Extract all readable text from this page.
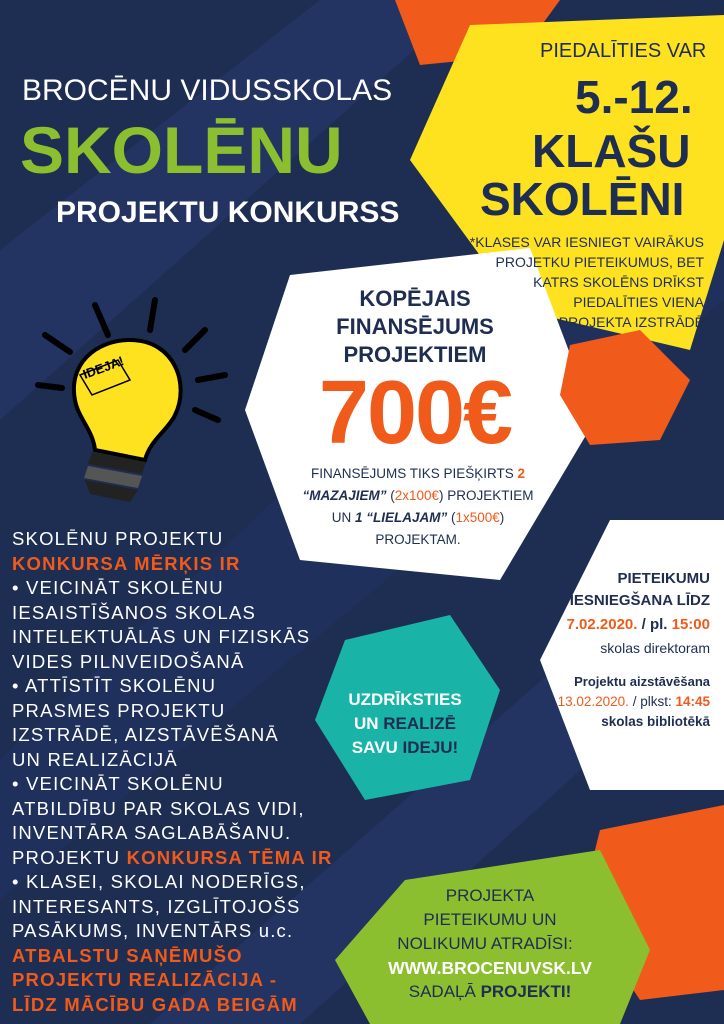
BROCĒNU VIDUSSKOLAS

SKOLĒNU

PROJEKTU KONKURSS

PIEDALĪTIES VAR

5.-12.

KLAŠU

SKOLĒNI

*KLASES VAR IESNIEGT VAIRĀKUS

PROJETKU PIETEIKUMUS, BET

KATRS SKOLĒNS DRĪKST

PIEDALĪTIES VIENA

PROJEKTA IZSTRĀDĒ

IDEJA!

KOPĒJAIS

FINANSĒJUMS

PROJEKTIEM

700€

FINANSĒJUMS TIKS PIEŠĶIRTS 2

“MAZAJIEM” (2x100€) PROJEKTIEM

UN 1 “LIELAJAM” (1x500€)

PROJEKTAM.

SKOLĒNU PROJEKTU
KONKURSA MĒRĶIS IR
• VEICINĀT SKOLĒNU
IESAISTĪŠANOS SKOLAS
INTELEKTUĀLĀS UN FIZISKĀS
VIDES PILNVEIDOŠANĀ
• ATTĪSTĪT SKOLĒNU
PRASMES PROJEKTU
IZSTRĀDĒ, AIZSTĀVĒŠANĀ
UN REALIZĀCIJĀ
• VEICINĀT SKOLĒNU
ATBILDĪBU PAR SKOLAS VIDI,
INVENTĀRA SAGLABĀŠANU.
PROJEKTU KONKURSA TĒMA IR
• KLASEI, SKOLAI NODERĪGS,
INTERESANTS, IZGLĪTOJOŠS
PASĀKUMS, INVENTĀRS u.c.
ATBALSTU SAŅĒMUŠO
PROJEKTU REALIZĀCIJA -
LĪDZ MĀCĪBU GADA BEIGĀM

UZDRĪKSTIES

UN REALIZĒ

SAVU IDEJU!

PIETEIKUMU

IESNIEGŠANA LĪDZ

7.02.2020. / pl. 15:00

skolas direktoram

Projektu aizstāvēšana

13.02.2020. / plkst: 14:45

skolas bibliotēkā

PROJEKTA

PIETEIKUMU UN

NOLIKUMU ATRADĪSI:

WWW.BROCENUVSK.LV

SADAĻĀ PROJEKTI!
